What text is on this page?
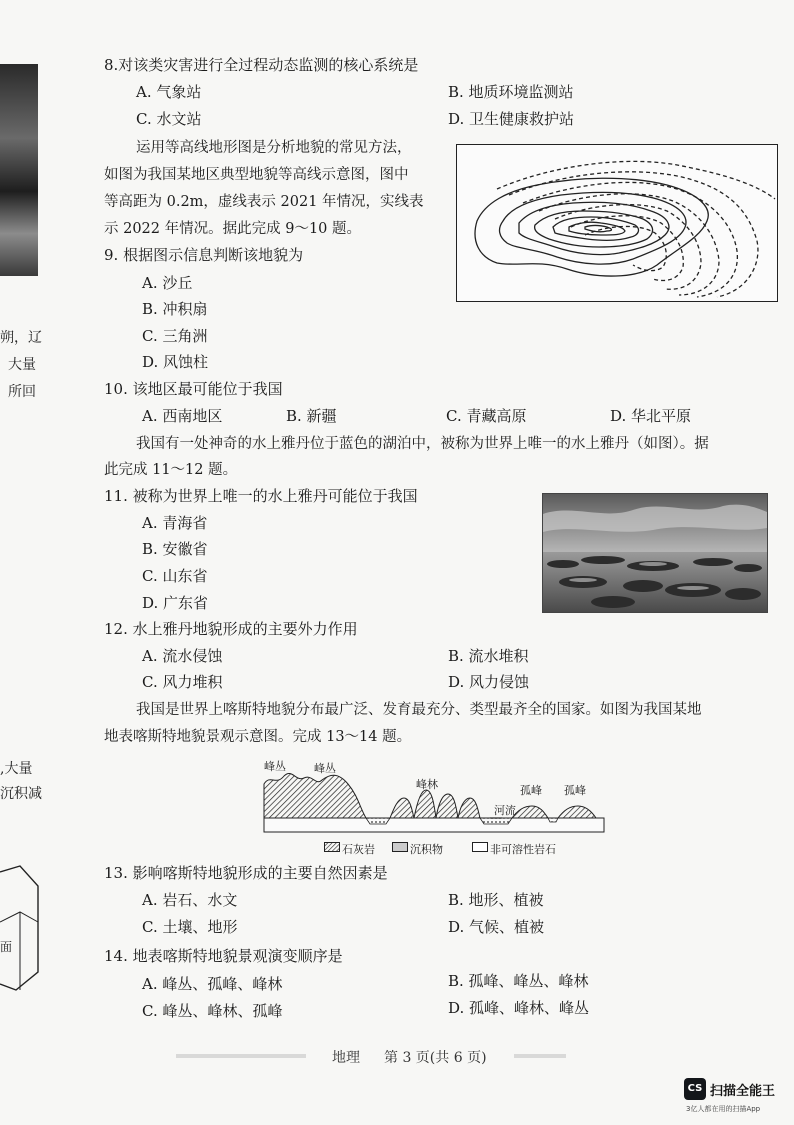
朔，辽
大量
所回
,大量
沉积减
面
8.对该类灾害进行全过程动态监测的核心系统是
A. 气象站	B. 地质环境监测站
C. 水文站	D. 卫生健康救护站
运用等高线地形图是分析地貌的常见方法，
如图为我国某地区典型地貌等高线示意图，图中
等高距为 0.2m，虚线表示 2021 年情况，实线表
示 2022 年情况。据此完成 9～10 题。
9. 根据图示信息判断该地貌为
A. 沙丘
B. 冲积扇
C. 三角洲
D. 风蚀柱
10. 该地区最可能位于我国
A. 西南地区	B. 新疆	C. 青藏高原	D. 华北平原
我国有一处神奇的水上雅丹位于蓝色的湖泊中，被称为世界上唯一的水上雅丹（如图）。据
此完成 11～12 题。
11. 被称为世界上唯一的水上雅丹可能位于我国
A. 青海省
B. 安徽省
C. 山东省
D. 广东省
12. 水上雅丹地貌形成的主要外力作用
A. 流水侵蚀	B. 流水堆积
C. 风力堆积	D. 风力侵蚀
我国是世界上喀斯特地貌分布最广泛、发育最充分、类型最齐全的国家。如图为我国某地
地表喀斯特地貌景观示意图。完成 13～14 题。
峰丛	峰丛
峰林
河流
孤峰 孤峰
石灰岩	沉积物	非可溶性岩石
13. 影响喀斯特地貌形成的主要自然因素是
A. 岩石、水文	B. 地形、植被
C. 土壤、地形	D. 气候、植被
14. 地表喀斯特地貌景观演变顺序是
A. 峰丛、孤峰、峰林	B. 孤峰、峰丛、峰林
C. 峰丛、峰林、孤峰	D. 孤峰、峰林、峰丛
地理 第 3 页(共 6 页)
CS 扫描全能王
3亿人都在用的扫描App
